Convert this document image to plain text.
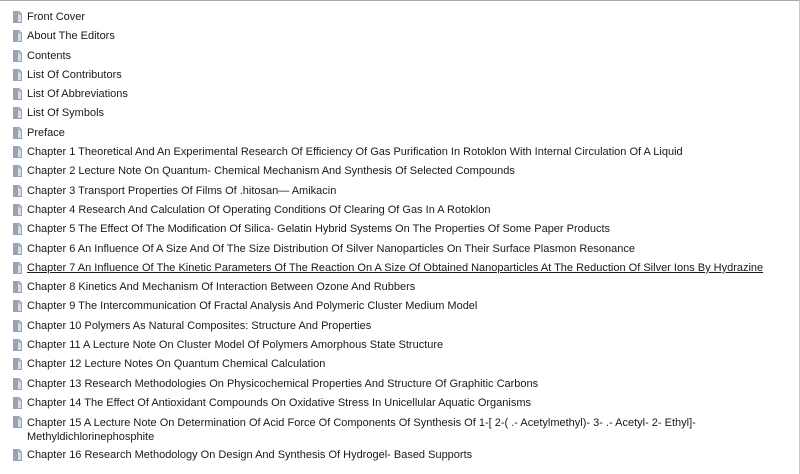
Front Cover
About The Editors
Contents
List Of Contributors
List Of Abbreviations
List Of Symbols
Preface
Chapter 1 Theoretical And An Experimental Research Of Efficiency Of Gas Purification In Rotoklon With Internal Circulation Of A Liquid
Chapter 2 Lecture Note On Quantum- Chemical Mechanism And Synthesis Of Selected Compounds
Chapter 3 Transport Properties Of Films Of .hitosan— Amikacin
Chapter 4 Research And Calculation Of Operating Conditions Of Clearing Of Gas In A Rotoklon
Chapter 5 The Effect Of The Modification Of Silica- Gelatin Hybrid Systems On The Properties Of Some Paper Products
Chapter 6 An Influence Of A Size And Of The Size Distribution Of Silver Nanoparticles On Their Surface Plasmon Resonance
Chapter 7 An Influence Of The Kinetic Parameters Of The Reaction On A Size Of Obtained Nanoparticles At The Reduction Of Silver Ions By Hydrazine
Chapter 8 Kinetics And Mechanism Of Interaction Between Ozone And Rubbers
Chapter 9 The Intercommunication Of Fractal Analysis And Polymeric Cluster Medium Model
Chapter 10 Polymers As Natural Composites: Structure And Properties
Chapter 11 A Lecture Note On Cluster Model Of Polymers Amorphous State Structure
Chapter 12 Lecture Notes On Quantum Chemical Calculation
Chapter 13 Research Methodologies On Physicochemical Properties And Structure Of Graphitic Carbons
Chapter 14 The Effect Of Antioxidant Compounds On Oxidative Stress In Unicellular Aquatic Organisms
Chapter 15 A Lecture Note On Determination Of Acid Force Of Components Of Synthesis Of 1-[ 2-( .- Acetylmethyl)- 3- .- Acetyl- 2- Ethyl]- Methyldichlorinephosphite
Chapter 16 Research Methodology On Design And Synthesis Of Hydrogel- Based Supports
